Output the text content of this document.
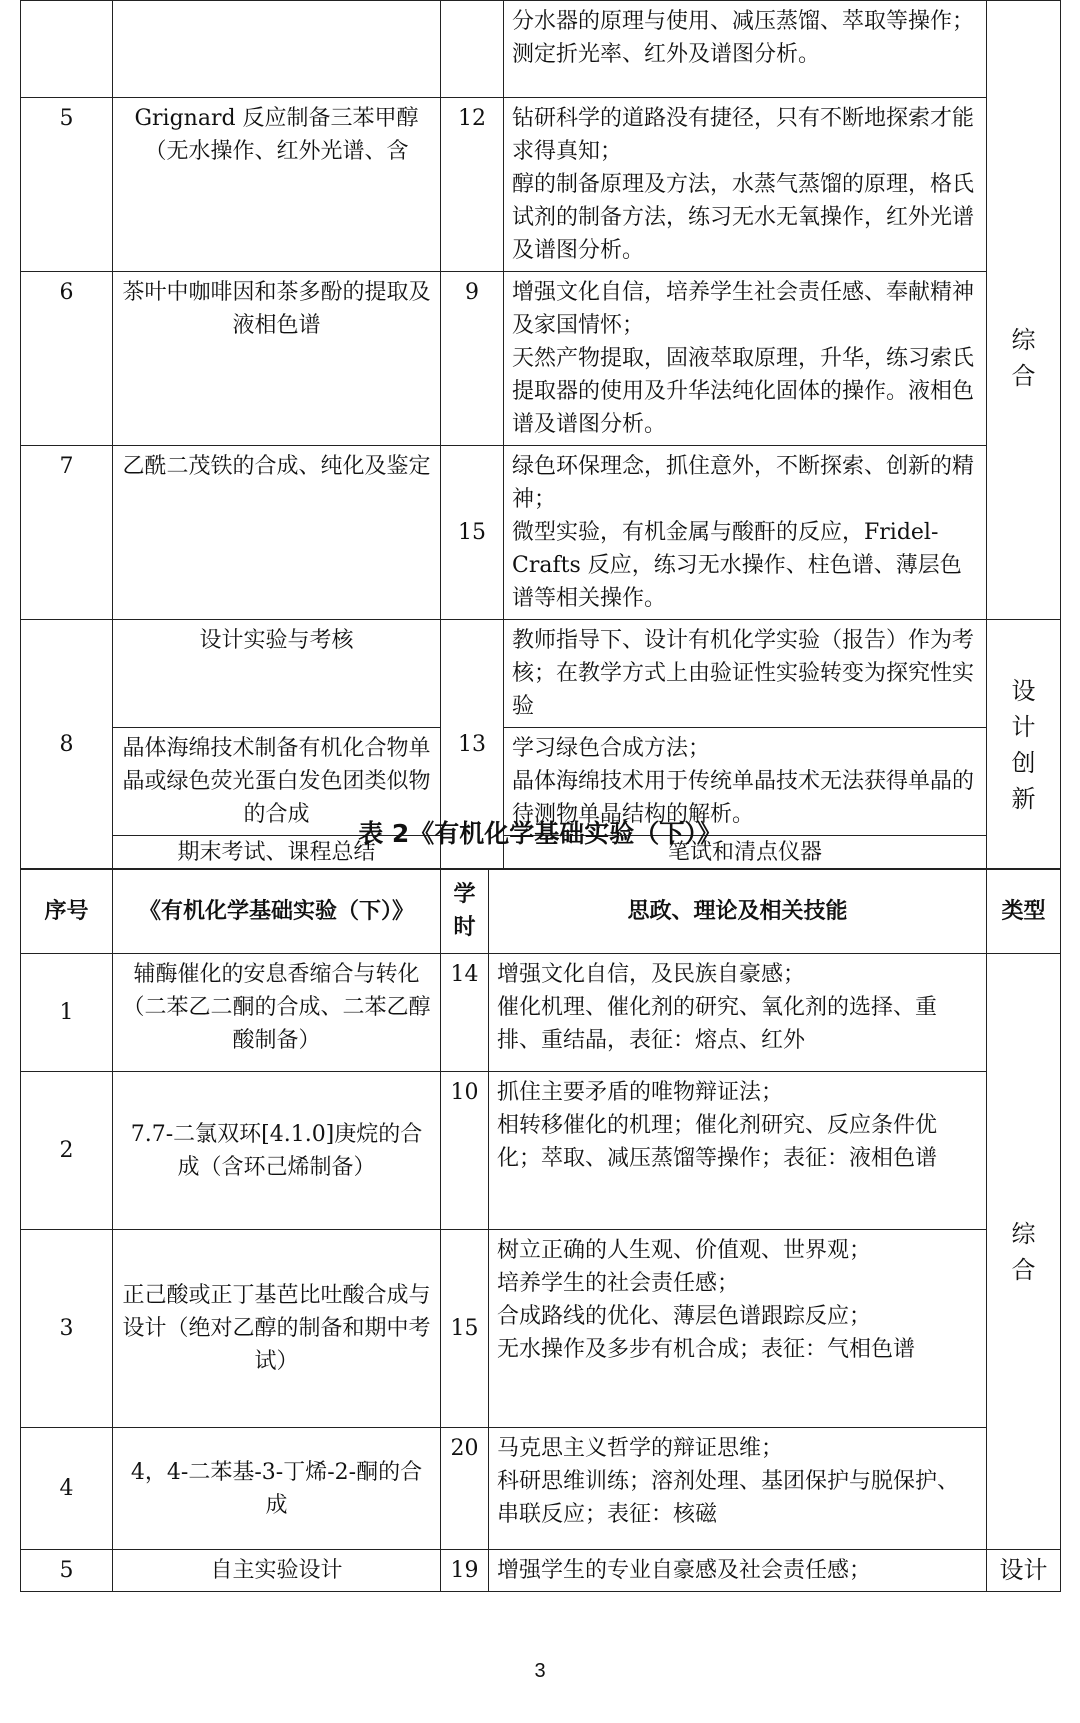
			分水器的原理与使用、减压蒸馏、萃取等操作；测定折光率、红外及谱图分析。	

5	Grignard 反应制备三苯甲醇（无水操作、红外光谱、含	12	钻研科学的道路没有捷径，只有不断地探索才能求得真知；
醇的制备原理及方法，水蒸气蒸馏的原理，格氏试剂的制备方法，练习无水无氧操作，红外光谱及谱图分析。	综合
6	茶叶中咖啡因和茶多酚的提取及液相色谱	9	增强文化自信，培养学生社会责任感、奉献精神及家国情怀；
天然产物提取，固液萃取原理，升华，练习索氏提取器的使用及升华法纯化固体的操作。液相色谱及谱图分析。	

7	乙酰二茂铁的合成、纯化及鉴定	15	绿色环保理念，抓住意外，不断探索、创新的精神；
微型实验，有机金属与酸酐的反应，Fridel-Crafts 反应，练习无水操作、柱色谱、薄层色谱等相关操作。	

8	设计实验与考核	13	教师指导下、设计有机化学实验（报告）作为考核；在教学方式上由验证性实验转变为探究性实验	设计创新
	晶体海绵技术制备有机化合物单晶或绿色荧光蛋白发色团类似物的合成		学习绿色合成方法；
晶体海绵技术用于传统单晶技术无法获得单晶的待测物单晶结构的解析。	

	期末考试、课程总结		笔试和清点仪器	
表 2《有机化学基础实验（下）》
序号	《有机化学基础实验（下）》	学时	思政、理论及相关技能	类型
1	辅酶催化的安息香缩合与转化（二苯乙二酮的合成、二苯乙醇酸制备）	14	增强文化自信，及民族自豪感；
催化机理、催化剂的研究、氧化剂的选择、重排、重结晶，表征：熔点、红外	综合
2	7.7-二氯双环[4.1.0]庚烷的合成（含环己烯制备）	10	抓住主要矛盾的唯物辩证法；
相转移催化的机理；催化剂研究、反应条件优化；萃取、减压蒸馏等操作；表征：液相色谱	

3	正己酸或正丁基芭比吐酸合成与设计（绝对乙醇的制备和期中考试）	15	树立正确的人生观、价值观、世界观；
培养学生的社会责任感；
合成路线的优化、薄层色谱跟踪反应；
无水操作及多步有机合成；表征：气相色谱	

4	4，4-二苯基-3-丁烯-2-酮的合成	20	马克思主义哲学的辩证思维；
科研思维训练；溶剂处理、基团保护与脱保护、串联反应；表征：核磁	

5	自主实验设计	19	增强学生的专业自豪感及社会责任感；	设计
3
